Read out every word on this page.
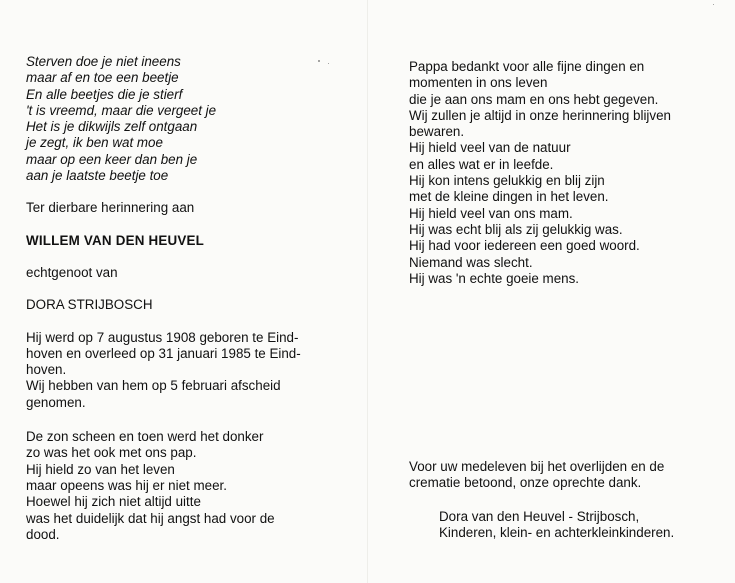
Sterven doe je niet ineens
maar af en toe een beetje
En alle beetjes die je stierf
't is vreemd, maar die vergeet je
Het is je dikwijls zelf ontgaan
je zegt, ik ben wat moe
maar op een keer dan ben je
aan je laatste beetje toe
Ter dierbare herinnering aan
WILLEM VAN DEN HEUVEL
echtgenoot van
DORA STRIJBOSCH
Hij werd op 7 augustus 1908 geboren te Eind-
hoven en overleed op 31 januari 1985 te Eind-
hoven.
Wij hebben van hem op 5 februari afscheid
genomen.
De zon scheen en toen werd het donker
zo was het ook met ons pap.
Hij hield zo van het leven
maar opeens was hij er niet meer.
Hoewel hij zich niet altijd uitte
was het duidelijk dat hij angst had voor de
dood.
Pappa bedankt voor alle fijne dingen en
momenten in ons leven
die je aan ons mam en ons hebt gegeven.
Wij zullen je altijd in onze herinnering blijven
bewaren.
Hij hield veel van de natuur
en alles wat er in leefde.
Hij kon intens gelukkig en blij zijn
met de kleine dingen in het leven.
Hij hield veel van ons mam.
Hij was echt blij als zij gelukkig was.
Hij had voor iedereen een goed woord.
Niemand was slecht.
Hij was 'n echte goeie mens.
Voor uw medeleven bij het overlijden en de
crematie betoond, onze oprechte dank.
Dora van den Heuvel - Strijbosch,
Kinderen, klein- en achterkleinkinderen.
